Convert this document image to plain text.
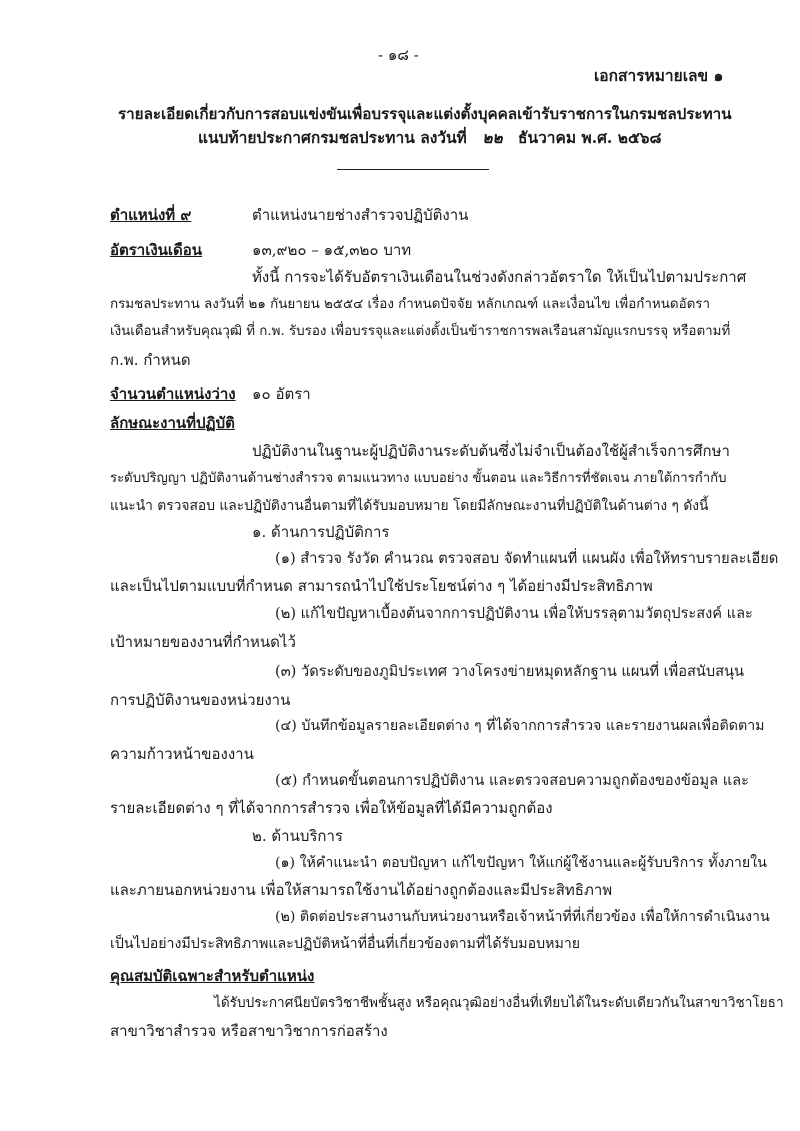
- ๑๘ -
เอกสารหมายเลข ๑
รายละเอียดเกี่ยวกับการสอบแข่งขันเพื่อบรรจุและแต่งตั้งบุคคลเข้ารับราชการในกรมชลประทาน
แนบท้ายประกาศกรมชลประทาน ลงวันที่ ๒๒ ธันวาคม พ.ศ. ๒๕๖๘
ตำแหน่งที่ ๙	ตำแหน่งนายช่างสำรวจปฏิบัติงาน
อัตราเงินเดือน	๑๓,๙๒๐ – ๑๕,๓๒๐ บาท
ทั้งนี้ การจะได้รับอัตราเงินเดือนในช่วงดังกล่าวอัตราใด ให้เป็นไปตามประกาศ
กรมชลประทาน ลงวันที่ ๒๑ กันยายน ๒๕๕๔ เรื่อง กำหนดปัจจัย หลักเกณฑ์ และเงื่อนไข เพื่อกำหนดอัตรา
เงินเดือนสำหรับคุณวุฒิ ที่ ก.พ. รับรอง เพื่อบรรจุและแต่งตั้งเป็นข้าราชการพลเรือนสามัญแรกบรรจุ หรือตามที่
ก.พ. กำหนด
จำนวนตำแหน่งว่าง ๑๐ อัตรา
ลักษณะงานที่ปฏิบัติ
ปฏิบัติงานในฐานะผู้ปฏิบัติงานระดับต้นซึ่งไม่จำเป็นต้องใช้ผู้สำเร็จการศึกษา
ระดับปริญญา ปฏิบัติงานด้านช่างสำรวจ ตามแนวทาง แบบอย่าง ขั้นตอน และวิธีการที่ชัดเจน ภายใต้การกำกับ
แนะนำ ตรวจสอบ และปฏิบัติงานอื่นตามที่ได้รับมอบหมาย โดยมีลักษณะงานที่ปฏิบัติในด้านต่าง ๆ ดังนี้
๑. ด้านการปฏิบัติการ
(๑) สำรวจ รังวัด คำนวณ ตรวจสอบ จัดทำแผนที่ แผนผัง เพื่อให้ทราบรายละเอียด
และเป็นไปตามแบบที่กำหนด สามารถนำไปใช้ประโยชน์ต่าง ๆ ได้อย่างมีประสิทธิภาพ
(๒) แก้ไขปัญหาเบื้องต้นจากการปฏิบัติงาน เพื่อให้บรรลุตามวัตถุประสงค์ และ
เป้าหมายของงานที่กำหนดไว้
(๓) วัดระดับของภูมิประเทศ วางโครงข่ายหมุดหลักฐาน แผนที่ เพื่อสนับสนุน
การปฏิบัติงานของหน่วยงาน
(๔) บันทึกข้อมูลรายละเอียดต่าง ๆ ที่ได้จากการสำรวจ และรายงานผลเพื่อติดตาม
ความก้าวหน้าของงาน
(๕) กำหนดขั้นตอนการปฏิบัติงาน และตรวจสอบความถูกต้องของข้อมูล และ
รายละเอียดต่าง ๆ ที่ได้จากการสำรวจ เพื่อให้ข้อมูลที่ได้มีความถูกต้อง
๒. ด้านบริการ
(๑) ให้คำแนะนำ ตอบปัญหา แก้ไขปัญหา ให้แก่ผู้ใช้งานและผู้รับบริการ ทั้งภายใน
และภายนอกหน่วยงาน เพื่อให้สามารถใช้งานได้อย่างถูกต้องและมีประสิทธิภาพ
(๒) ติดต่อประสานงานกับหน่วยงานหรือเจ้าหน้าที่ที่เกี่ยวข้อง เพื่อให้การดำเนินงาน
เป็นไปอย่างมีประสิทธิภาพและปฏิบัติหน้าที่อื่นที่เกี่ยวข้องตามที่ได้รับมอบหมาย
คุณสมบัติเฉพาะสำหรับตำแหน่ง
ได้รับประกาศนียบัตรวิชาชีพชั้นสูง หรือคุณวุฒิอย่างอื่นที่เทียบได้ในระดับเดียวกันในสาขาวิชาโยธา
สาขาวิชาสำรวจ หรือสาขาวิชาการก่อสร้าง
